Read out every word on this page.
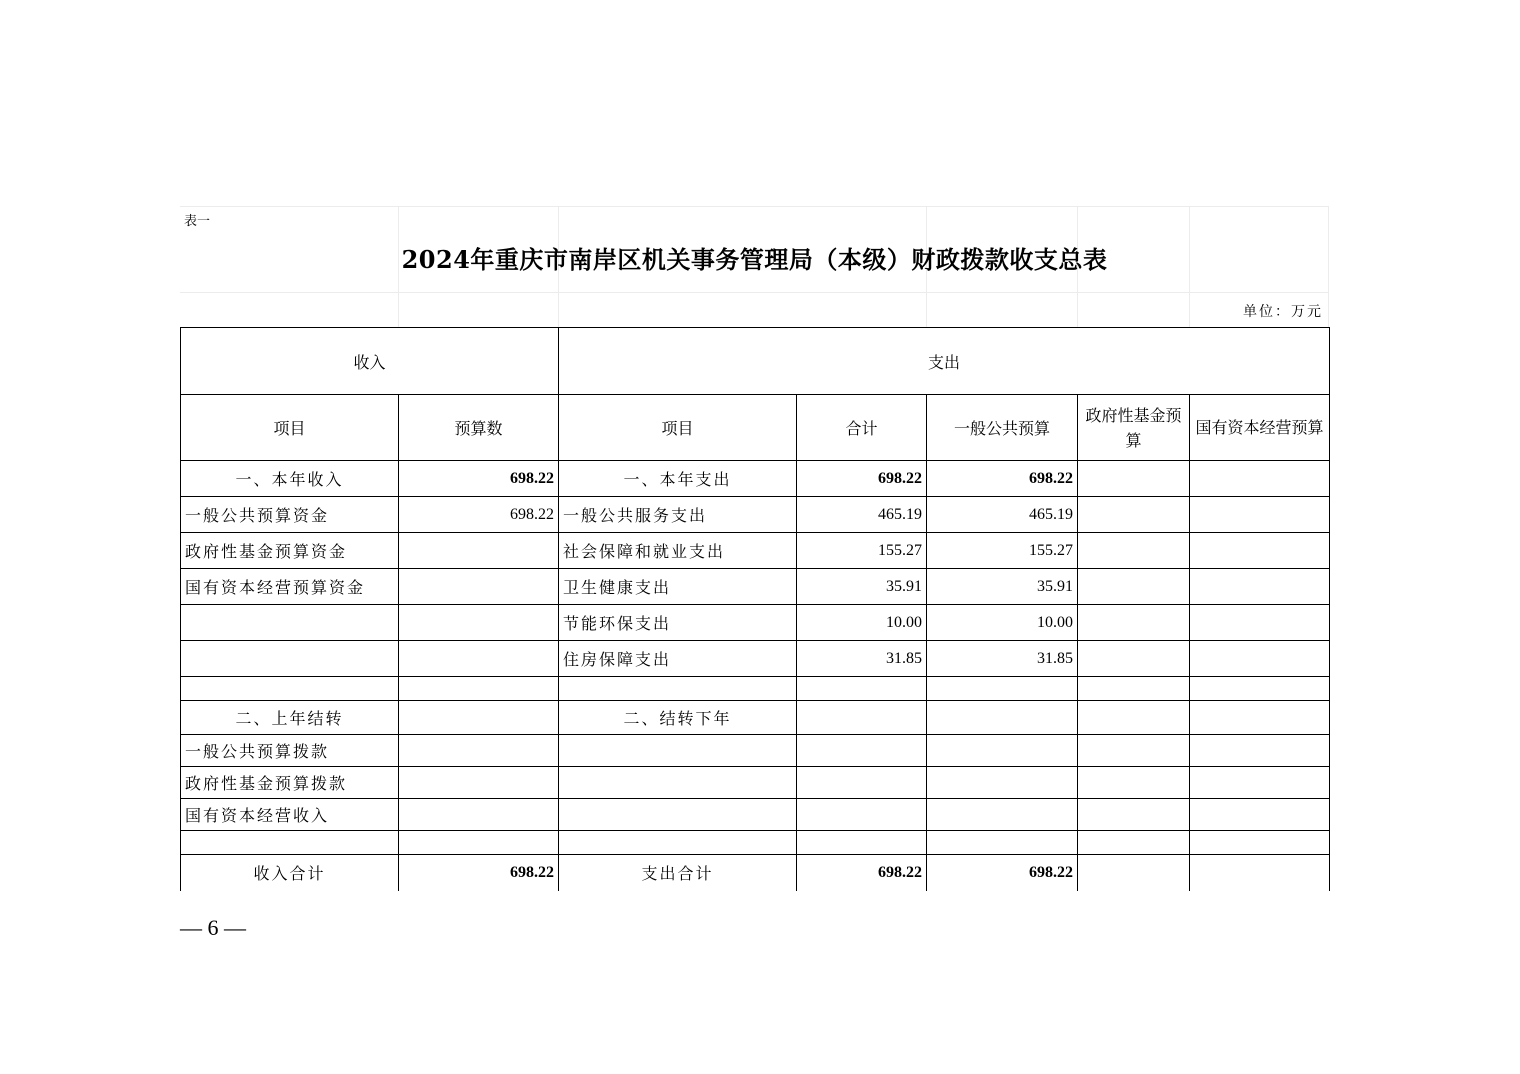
表一
2024年重庆市南岸区机关事务管理局（本级）财政拨款收支总表
单位：万元
收入		支出				
项目	预算数	项目	合计	一般公共预算	政府性基金预算	国有资本经营预算
一、本年收入	698.22	一、本年支出	698.22	698.22		
一般公共预算资金	698.22	一般公共服务支出	465.19	465.19		
政府性基金预算资金		社会保障和就业支出	155.27	155.27		
国有资本经营预算资金		卫生健康支出	35.91	35.91		
		节能环保支出	10.00	10.00		
		住房保障支出	31.85	31.85		

二、上年结转		二、结转下年				
一般公共预算拨款						
政府性基金预算拨款						
国有资本经营收入						

收入合计	698.22	支出合计	698.22	698.22		
— 6 —
